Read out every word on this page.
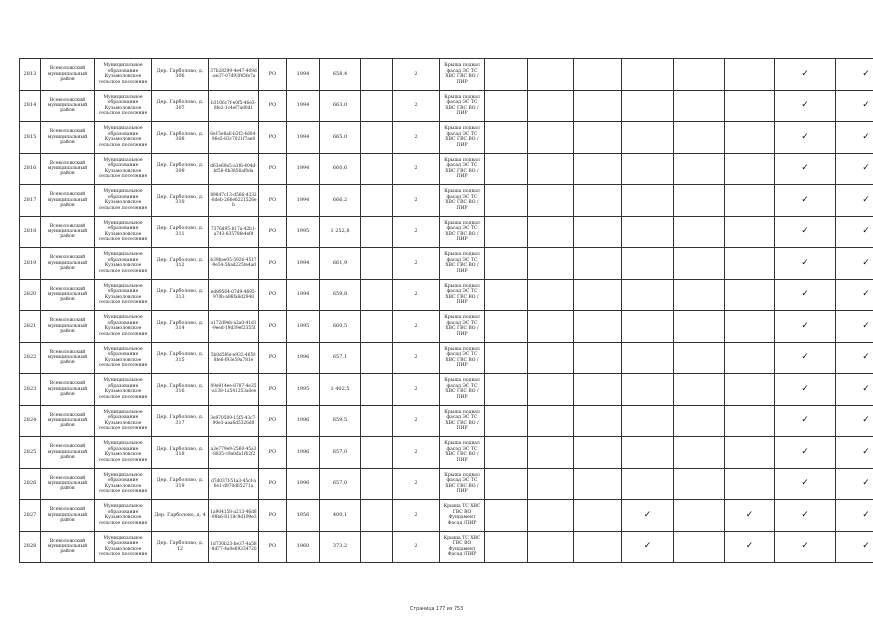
2813	Всеволожский муниципальный район	Муниципальное образование Кузьмоловское сельское поселение	Дер. Гарболово, д. 306	37b28299-4e47-409d-ae37-07d93f45fe7a	РО	1994	658,4		2	Крыша подвал фасад ЭС ТС ХВС ГВС ВО /ПИР							✓	✓
2814	Всеволожский муниципальный район	Муниципальное образование Кузьмоловское сельское поселение	Дер. Гарболово, д. 307	b3106c7f-e0f5-46e3-8fe2-1c4ef7ad0d1	РО	1994	663,0		2	Крыша подвал фасад ЭС ТС ХВС ГВС ВО /ПИР							✓	✓
2815	Всеволожский муниципальный район	Муниципальное образование Кузьмоловское сельское поселение	Дер. Гарболово, д. 308	6e15e6a6-b3f2-4d04-96e5-83c7021f7ae8	РО	1994	665,0		2	Крыша подвал фасад ЭС ТС ХВС ГВС ВО /ПИР							✓	✓
2816	Всеволожский муниципальный район	Муниципальное образование Кузьмоловское сельское поселение	Дер. Гарболово, д. 309	d63e69e5-a1f6-404d-bf58-0b3856af0da	РО	1994	660,6		2	Крыша подвал фасад ЭС ТС ХВС ГВС ВО /ПИР							✓	✓
2817	Всеволожский муниципальный район	Муниципальное образование Кузьмоловское сельское поселение	Дер. Гарболово, д. 310	89847c13-d566-4332-8deb-266e6221526eb	РО	1994	666,2		2	Крыша подвал фасад ЭС ТС ХВС ГВС ВО /ПИР							✓	✓
2818	Всеволожский муниципальный район	Муниципальное образование Кузьмоловское сельское поселение	Дер. Гарболово, д. 311	7376d95-b17a-42b1-a743-83578fe4ef8	РО	1995	1 252,8		2	Крыша подвал фасад ЭС ТС ХВС ГВС ВО /ПИР							✓	✓
2819	Всеволожский муниципальный район	Муниципальное образование Кузьмоловское сельское поселение	Дер. Гарболово, д. 312	b39bae05-5926-4517-9e54-56ad225fe4ad	РО	1994	661,9		2	Крыша подвал фасад ЭС ТС ХВС ГВС ВО /ПИР							✓	✓
2820	Всеволожский муниципальный район	Муниципальное образование Кузьмоловское сельское поселение	Дер. Гарболово, д. 313	ed89564-07d9-4695-970b-a86fa6d2948	РО	1994	659,8		2	Крыша подвал фасад ЭС ТС ХВС ГВС ВО /ПИР							✓	✓
2821	Всеволожский муниципальный район	Муниципальное образование Кузьмоловское сельское поселение	Дер. Гарболово, д. 314	a172d9eb-a2a0-41d1-9eed-19d39ef2355f	РО	1995	660,5		2	Крыша подвал фасад ЭС ТС ХВС ГВС ВО /ПИР							✓	✓
2822	Всеволожский муниципальный район	Муниципальное образование Кузьмоловское сельское поселение	Дер. Гарболово, д. 315	5b0d5f6e-e932-465f-8fe6-f93e59a781e	РО	1996	657,1		2	Крыша подвал фасад ЭС ТС ХВС ГВС ВО /ПИР							✓	✓
2823	Всеволожский муниципальный район	Муниципальное образование Кузьмоловское сельское поселение	Дер. Гарболово, д. 316	09e914ee-8787-4e35-a138-1a541253a0ee	РО	1995	1 402,5		2	Крыша подвал фасад ЭС ТС ХВС ГВС ВО /ПИР							✓	✓
2824	Всеволожский муниципальный район	Муниципальное образование Кузьмоловское сельское поселение	Дер. Гарболово, д. 317	3e970509-15f5-43c7-90e3-aaa6d5326d0	РО	1996	659,5		2	Крыша подвал фасад ЭС ТС ХВС ГВС ВО /ПИР							✓	✓
2825	Всеволожский муниципальный район	Муниципальное образование Кузьмоловское сельское поселение	Дер. Гарболово, д. 318	a3e779e9-2560-45a3-8835-c9a0da1f62f2	РО	1996	657,0		2	Крыша подвал фасад ЭС ТС ХВС ГВС ВО /ПИР							✓	✓
2826	Всеволожский муниципальный район	Муниципальное образование Кузьмоловское сельское поселение	Дер. Гарболово, д. 319	d7d037f-51a3-45cf-a6e1-d970d65271a	РО	1996	657,0		2	Крыша подвал фасад ЭС ТС ХВС ГВС ВО /ПИР							✓	✓
2827	Всеволожский муниципальный район	Муниципальное образование Кузьмоловское сельское поселение	Дер. Гарболово, д. 4	1a904158-a213-46d8-98b6-8118c9d199e3	РО	1956	400,1		2	Крыша ТС ХВС ГВС ВО Фундамент Фасад /ПИР				✓		✓	✓	✓
2828	Всеволожский муниципальный район	Муниципальное образование Кузьмоловское сельское поселение	Дер. Гарболово, д. 12	1d730b23-be37-4a58-8d77-4a0e69334720	РО	1960	373,2		2	Крыша ТС ХВС ГВС ВО Фундамент Фасад /ПИР				✓		✓	✓	✓
Страница 177 из 753
